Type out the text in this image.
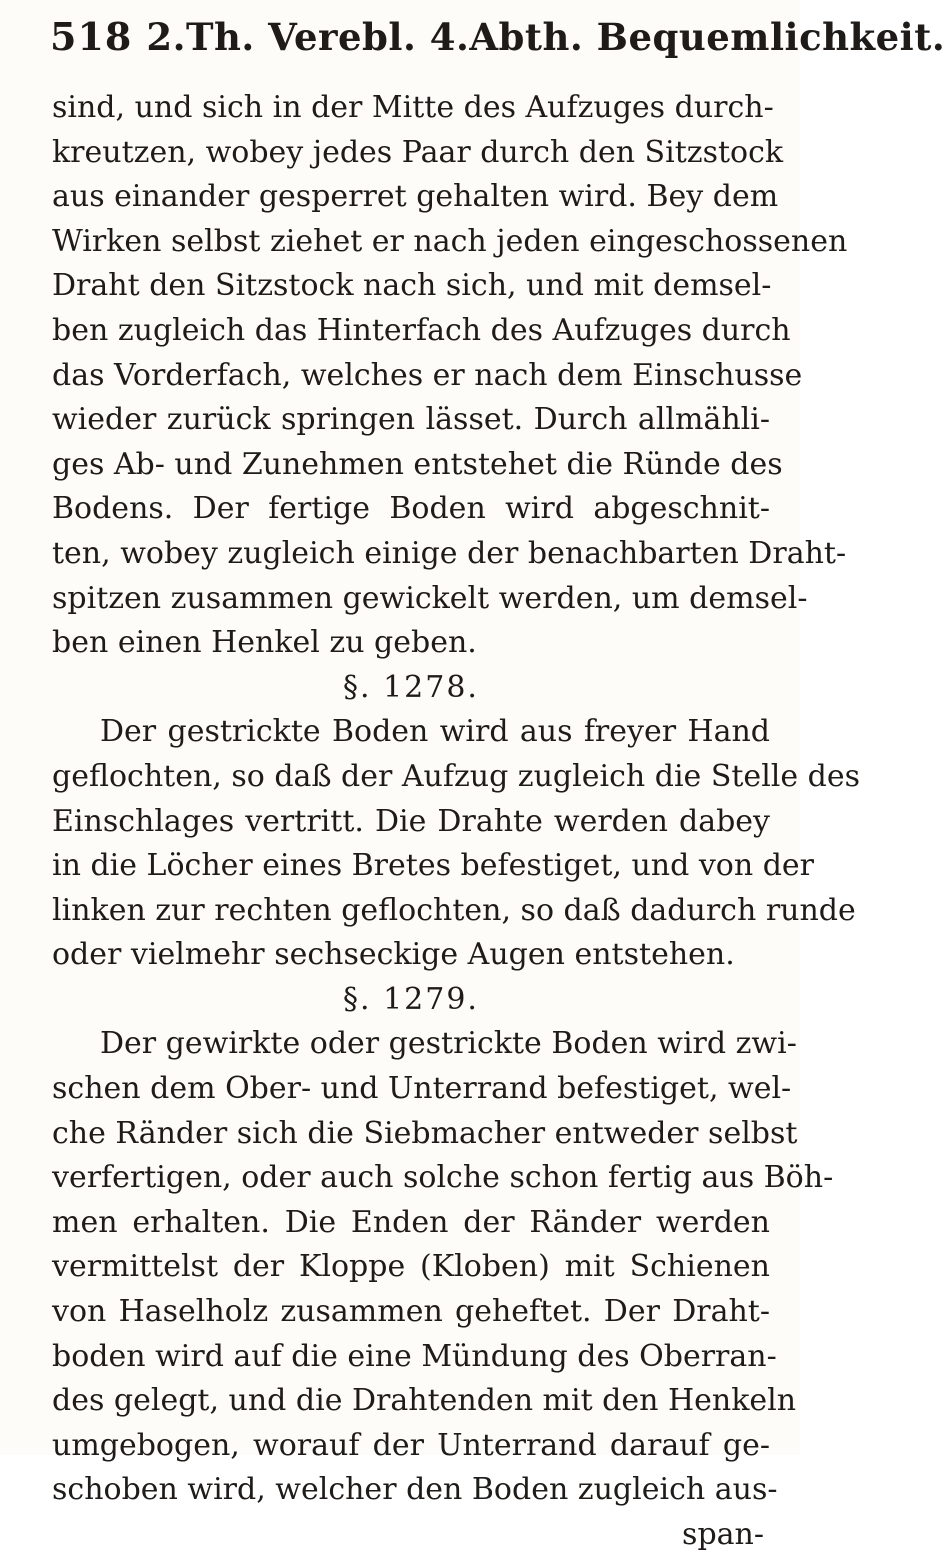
518 2.Th. Verebl. 4.Abth. Bequemlichkeit.
sind, und sich in der Mitte des Aufzuges durch-
kreutzen, wobey jedes Paar durch den Sitzstock
aus einander gesperret gehalten wird. Bey dem
Wirken selbst ziehet er nach jeden eingeschossenen
Draht den Sitzstock nach sich, und mit demsel-
ben zugleich das Hinterfach des Aufzuges durch
das Vorderfach, welches er nach dem Einschusse
wieder zurück springen lässet. Durch allmähli-
ges Ab- und Zunehmen entstehet die Ründe des
Bodens. Der fertige Boden wird abgeschnit-
ten, wobey zugleich einige der benachbarten Draht-
spitzen zusammen gewickelt werden, um demsel-
ben einen Henkel zu geben.
§. 1278.
Der gestrickte Boden wird aus freyer Hand
geflochten, so daß der Aufzug zugleich die Stelle des
Einschlages vertritt. Die Drahte werden dabey
in die Löcher eines Bretes befestiget, und von der
linken zur rechten geflochten, so daß dadurch runde
oder vielmehr sechseckige Augen entstehen.
§. 1279.
Der gewirkte oder gestrickte Boden wird zwi-
schen dem Ober- und Unterrand befestiget, wel-
che Ränder sich die Siebmacher entweder selbst
verfertigen, oder auch solche schon fertig aus Böh-
men erhalten. Die Enden der Ränder werden
vermittelst der Kloppe (Kloben) mit Schienen
von Haselholz zusammen geheftet. Der Draht-
boden wird auf die eine Mündung des Oberran-
des gelegt, und die Drahtenden mit den Henkeln
umgebogen, worauf der Unterrand darauf ge-
schoben wird, welcher den Boden zugleich aus-
span-
